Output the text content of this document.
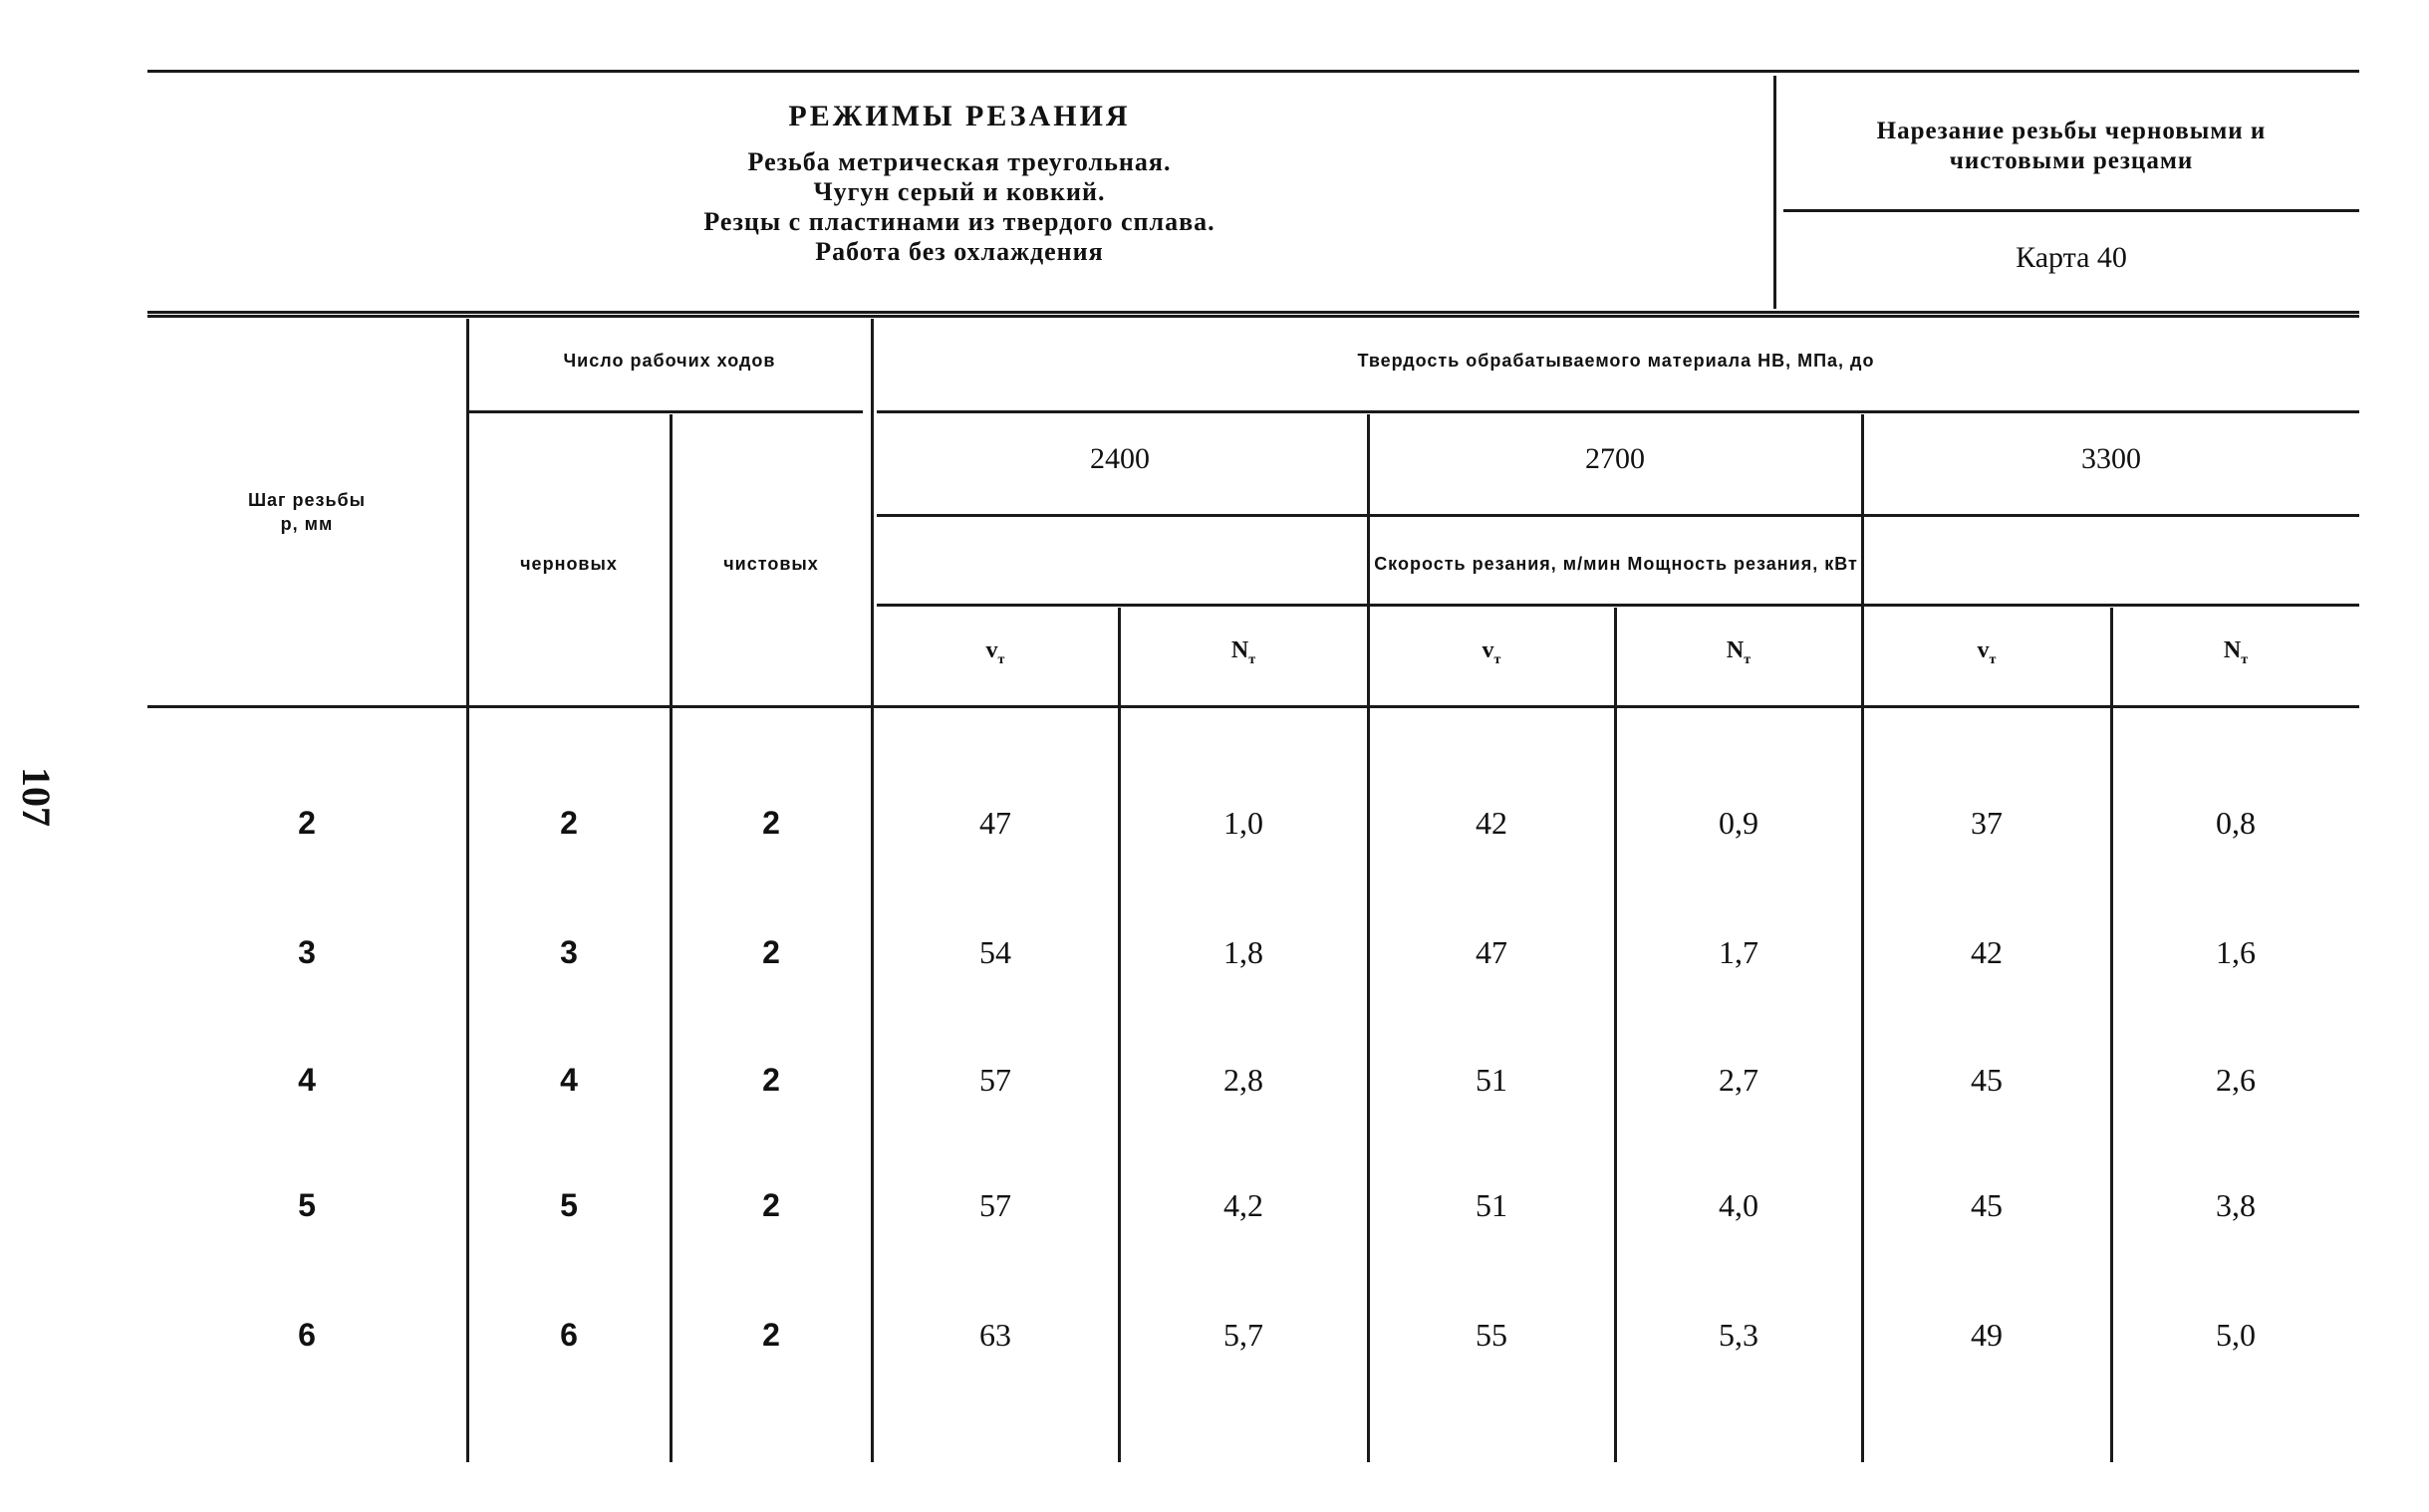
107
РЕЖИМЫ РЕЗАНИЯ
Резьба метрическая треугольная.
Чугун серый и ковкий.
Резцы с пластинами из твердого сплава.
Работа без охлаждения
Нарезание резьбы черновыми и
чистовыми резцами
Карта 40
Шаг резьбы
р, мм
Число рабочих ходов
черновых	чистовых
Твердость обрабатываемого материала НВ, МПа, до
2400	2700	3300
Скорость резания, м/мин Мощность резания, кВт
$v_т$	$N_т$	$v_т$	$N_т$	$v_т$	$N_т$
2	2	2	47	1,0	42	0,9	37	0,8
3	3	2	54	1,8	47	1,7	42	1,6
4	4	2	57	2,8	51	2,7	45	2,6
5	5	2	57	4,2	51	4,0	45	3,8
6	6	2	63	5,7	55	5,3	49	5,0
